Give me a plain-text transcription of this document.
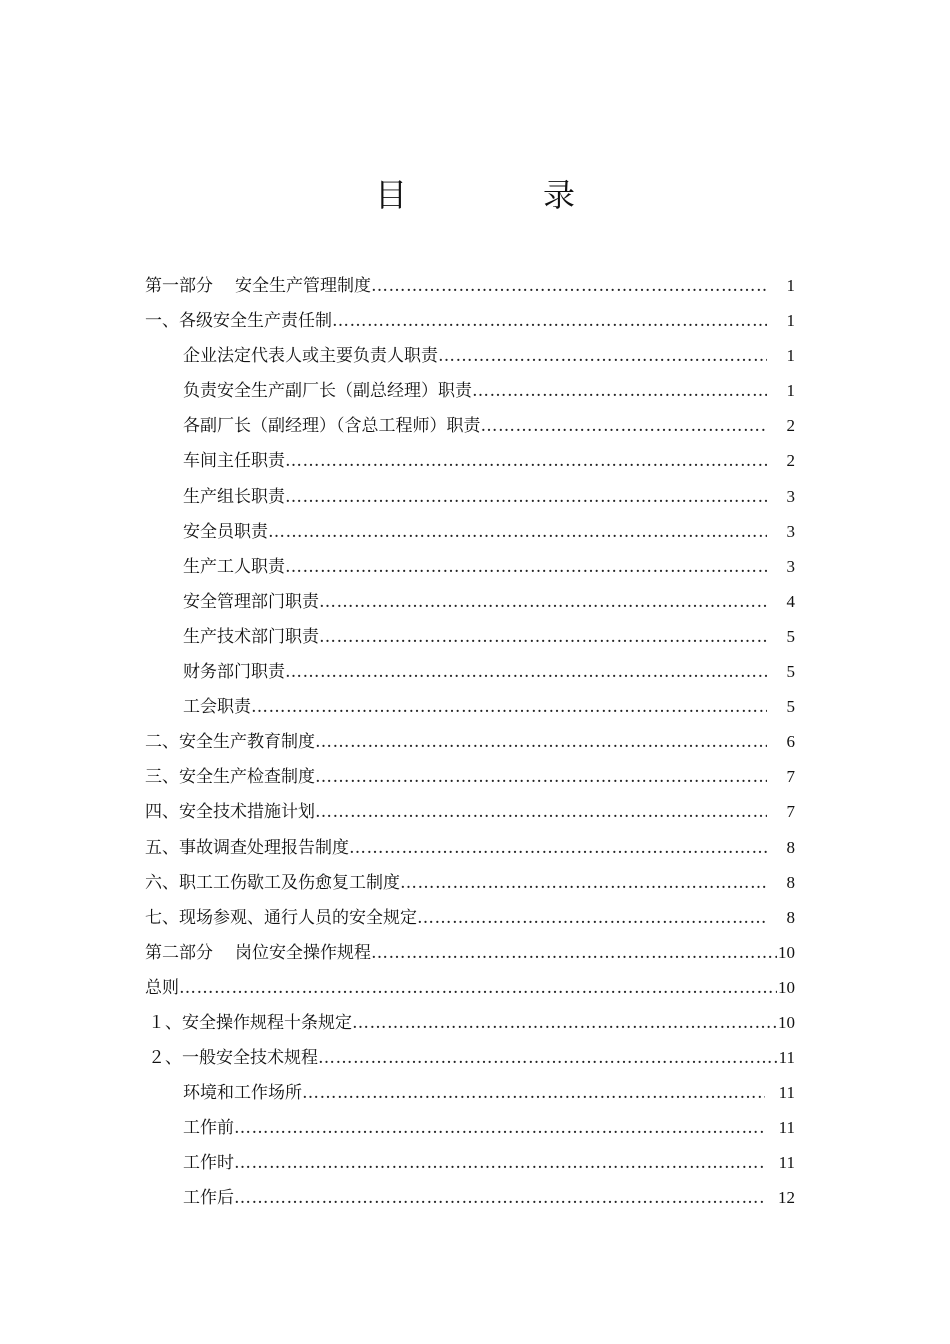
目　录
第一部分 安全生产管理制度 ……………………………………………………………………………………………………………………………………	1
一、各级安全生产责任制 ……………………………………………………………………………………………………………………………………	1
企业法定代表人或主要负责人职责 ……………………………………………………………………………………………………………………………………	1
负责安全生产副厂长（副总经理）职责 ……………………………………………………………………………………………………………………………………	1
各副厂长（副经理）（含总工程师）职责 ……………………………………………………………………………………………………………………………………	2
车间主任职责 ……………………………………………………………………………………………………………………………………	2
生产组长职责 ……………………………………………………………………………………………………………………………………	3
安全员职责 ……………………………………………………………………………………………………………………………………	3
生产工人职责 ……………………………………………………………………………………………………………………………………	3
安全管理部门职责 ……………………………………………………………………………………………………………………………………	4
生产技术部门职责 ……………………………………………………………………………………………………………………………………	5
财务部门职责 ……………………………………………………………………………………………………………………………………	5
工会职责 ……………………………………………………………………………………………………………………………………	5
二、安全生产教育制度 ……………………………………………………………………………………………………………………………………	6
三、安全生产检查制度 ……………………………………………………………………………………………………………………………………	7
四、安全技术措施计划 ……………………………………………………………………………………………………………………………………	7
五、事故调查处理报告制度 ……………………………………………………………………………………………………………………………………	8
六、职工工伤歇工及伤愈复工制度 ……………………………………………………………………………………………………………………………………	8
七、现场参观、通行人员的安全规定 ……………………………………………………………………………………………………………………………………	8
第二部分 岗位安全操作规程 ……………………………………………………………………………………………………………………………………	10
总则 ……………………………………………………………………………………………………………………………………	10
１、安全操作规程十条规定 ……………………………………………………………………………………………………………………………………	10
２、一般安全技术规程 ……………………………………………………………………………………………………………………………………	11
环境和工作场所 ……………………………………………………………………………………………………………………………………	11
工作前 ……………………………………………………………………………………………………………………………………	11
工作时 ……………………………………………………………………………………………………………………………………	11
工作后 ……………………………………………………………………………………………………………………………………	12
